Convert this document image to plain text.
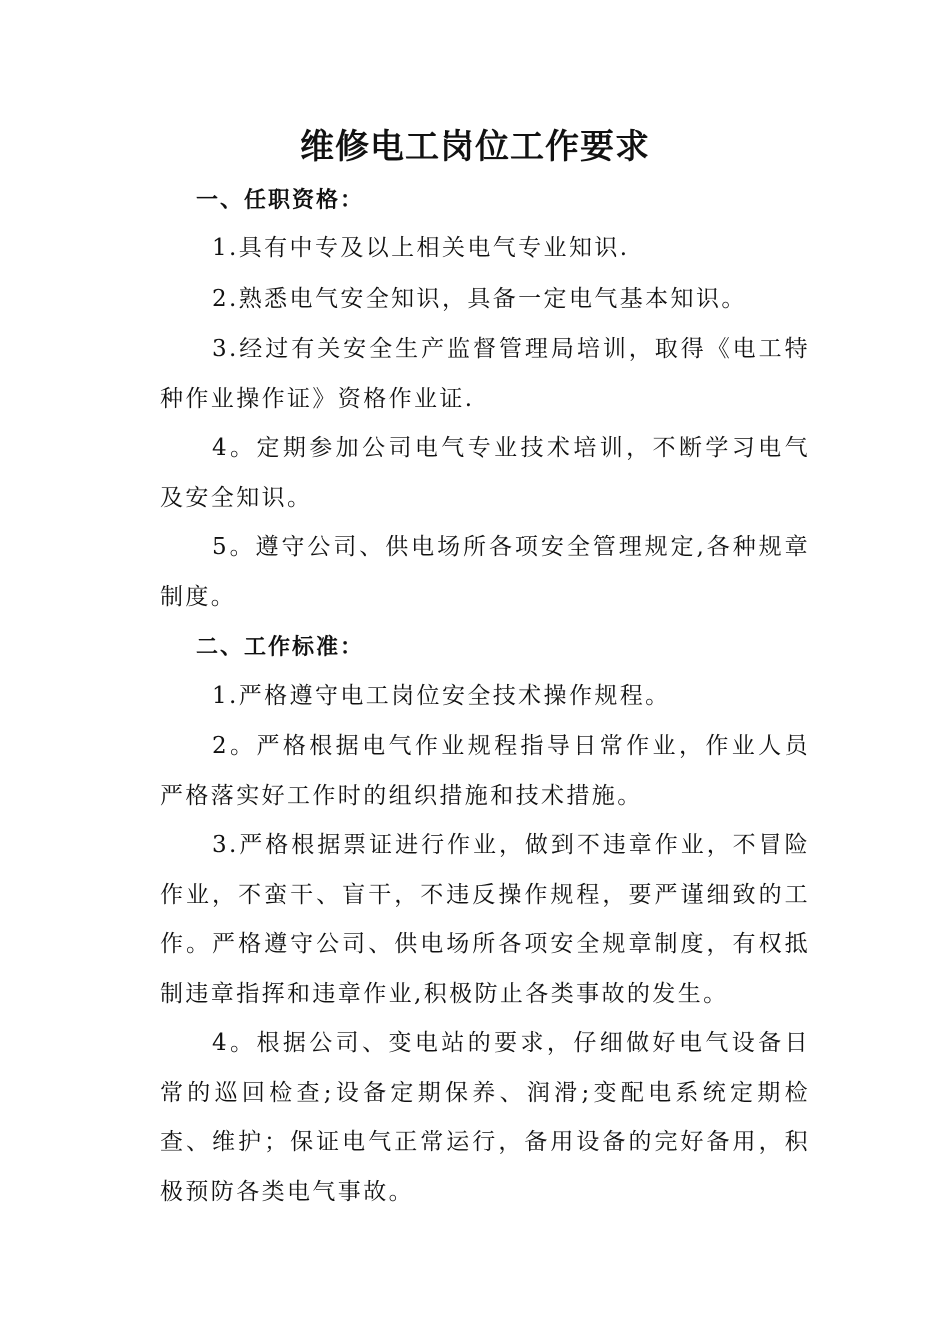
维修电工岗位工作要求
一、任职资格：

1.具有中专及以上相关电气专业知识.

2.熟悉电气安全知识，具备一定电气基本知识。

3.经过有关安全生产监督管理局培训，取得《电工特种作业操作证》资格作业证.

4。定期参加公司电气专业技术培训，不断学习电气及安全知识。

5。遵守公司、供电场所各项安全管理规定,各种规章制度。

二、工作标准：

1.严格遵守电工岗位安全技术操作规程。

2。严格根据电气作业规程指导日常作业，作业人员严格落实好工作时的组织措施和技术措施。

3.严格根据票证进行作业，做到不违章作业，不冒险作业，不蛮干、盲干，不违反操作规程，要严谨细致的工作。严格遵守公司、供电场所各项安全规章制度，有权抵制违章指挥和违章作业,积极防止各类事故的发生。

4。根据公司、变电站的要求，仔细做好电气设备日常的巡回检查;设备定期保养、润滑;变配电系统定期检查、维护；保证电气正常运行，备用设备的完好备用，积极预防各类电气事故。
